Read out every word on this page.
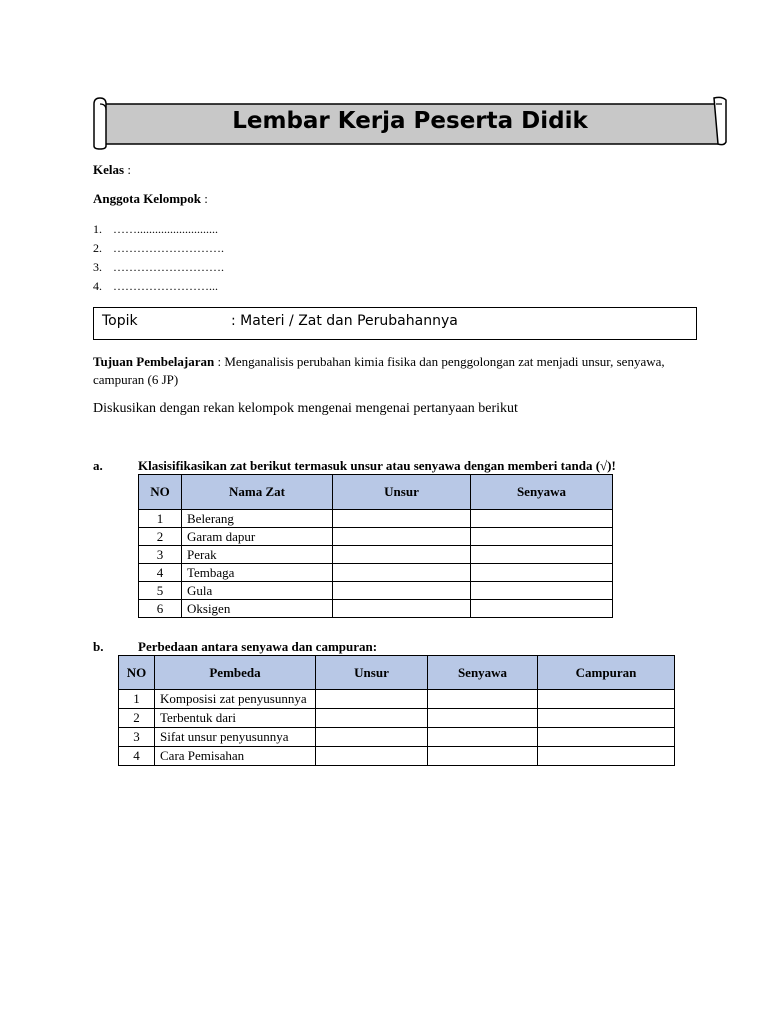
Lembar Kerja Peserta Didik
Kelas :
Anggota Kelompok :
1. ……...........................
2. ……………………….
3. ……………………….
4. ……………………...
Topik	: Materi / Zat dan Perubahannya
Tujuan Pembelajaran : Menganalisis perubahan kimia fisika dan penggolongan zat menjadi unsur, senyawa, campuran (6 JP)
Diskusikan dengan rekan kelompok mengenai mengenai pertanyaan berikut
a.	Klasisifikasikan zat berikut termasuk unsur atau senyawa dengan memberi tanda (√)!
NO	Nama Zat	Unsur	Senyawa
1	Belerang		
2	Garam dapur		
3	Perak		
4	Tembaga		
5	Gula		
6	Oksigen		
b.	Perbedaan antara senyawa dan campuran:
NO	Pembeda	Unsur	Senyawa	Campuran
1	Komposisi zat penyusunnya			
2	Terbentuk dari			
3	Sifat unsur penyusunnya			
4	Cara Pemisahan			
